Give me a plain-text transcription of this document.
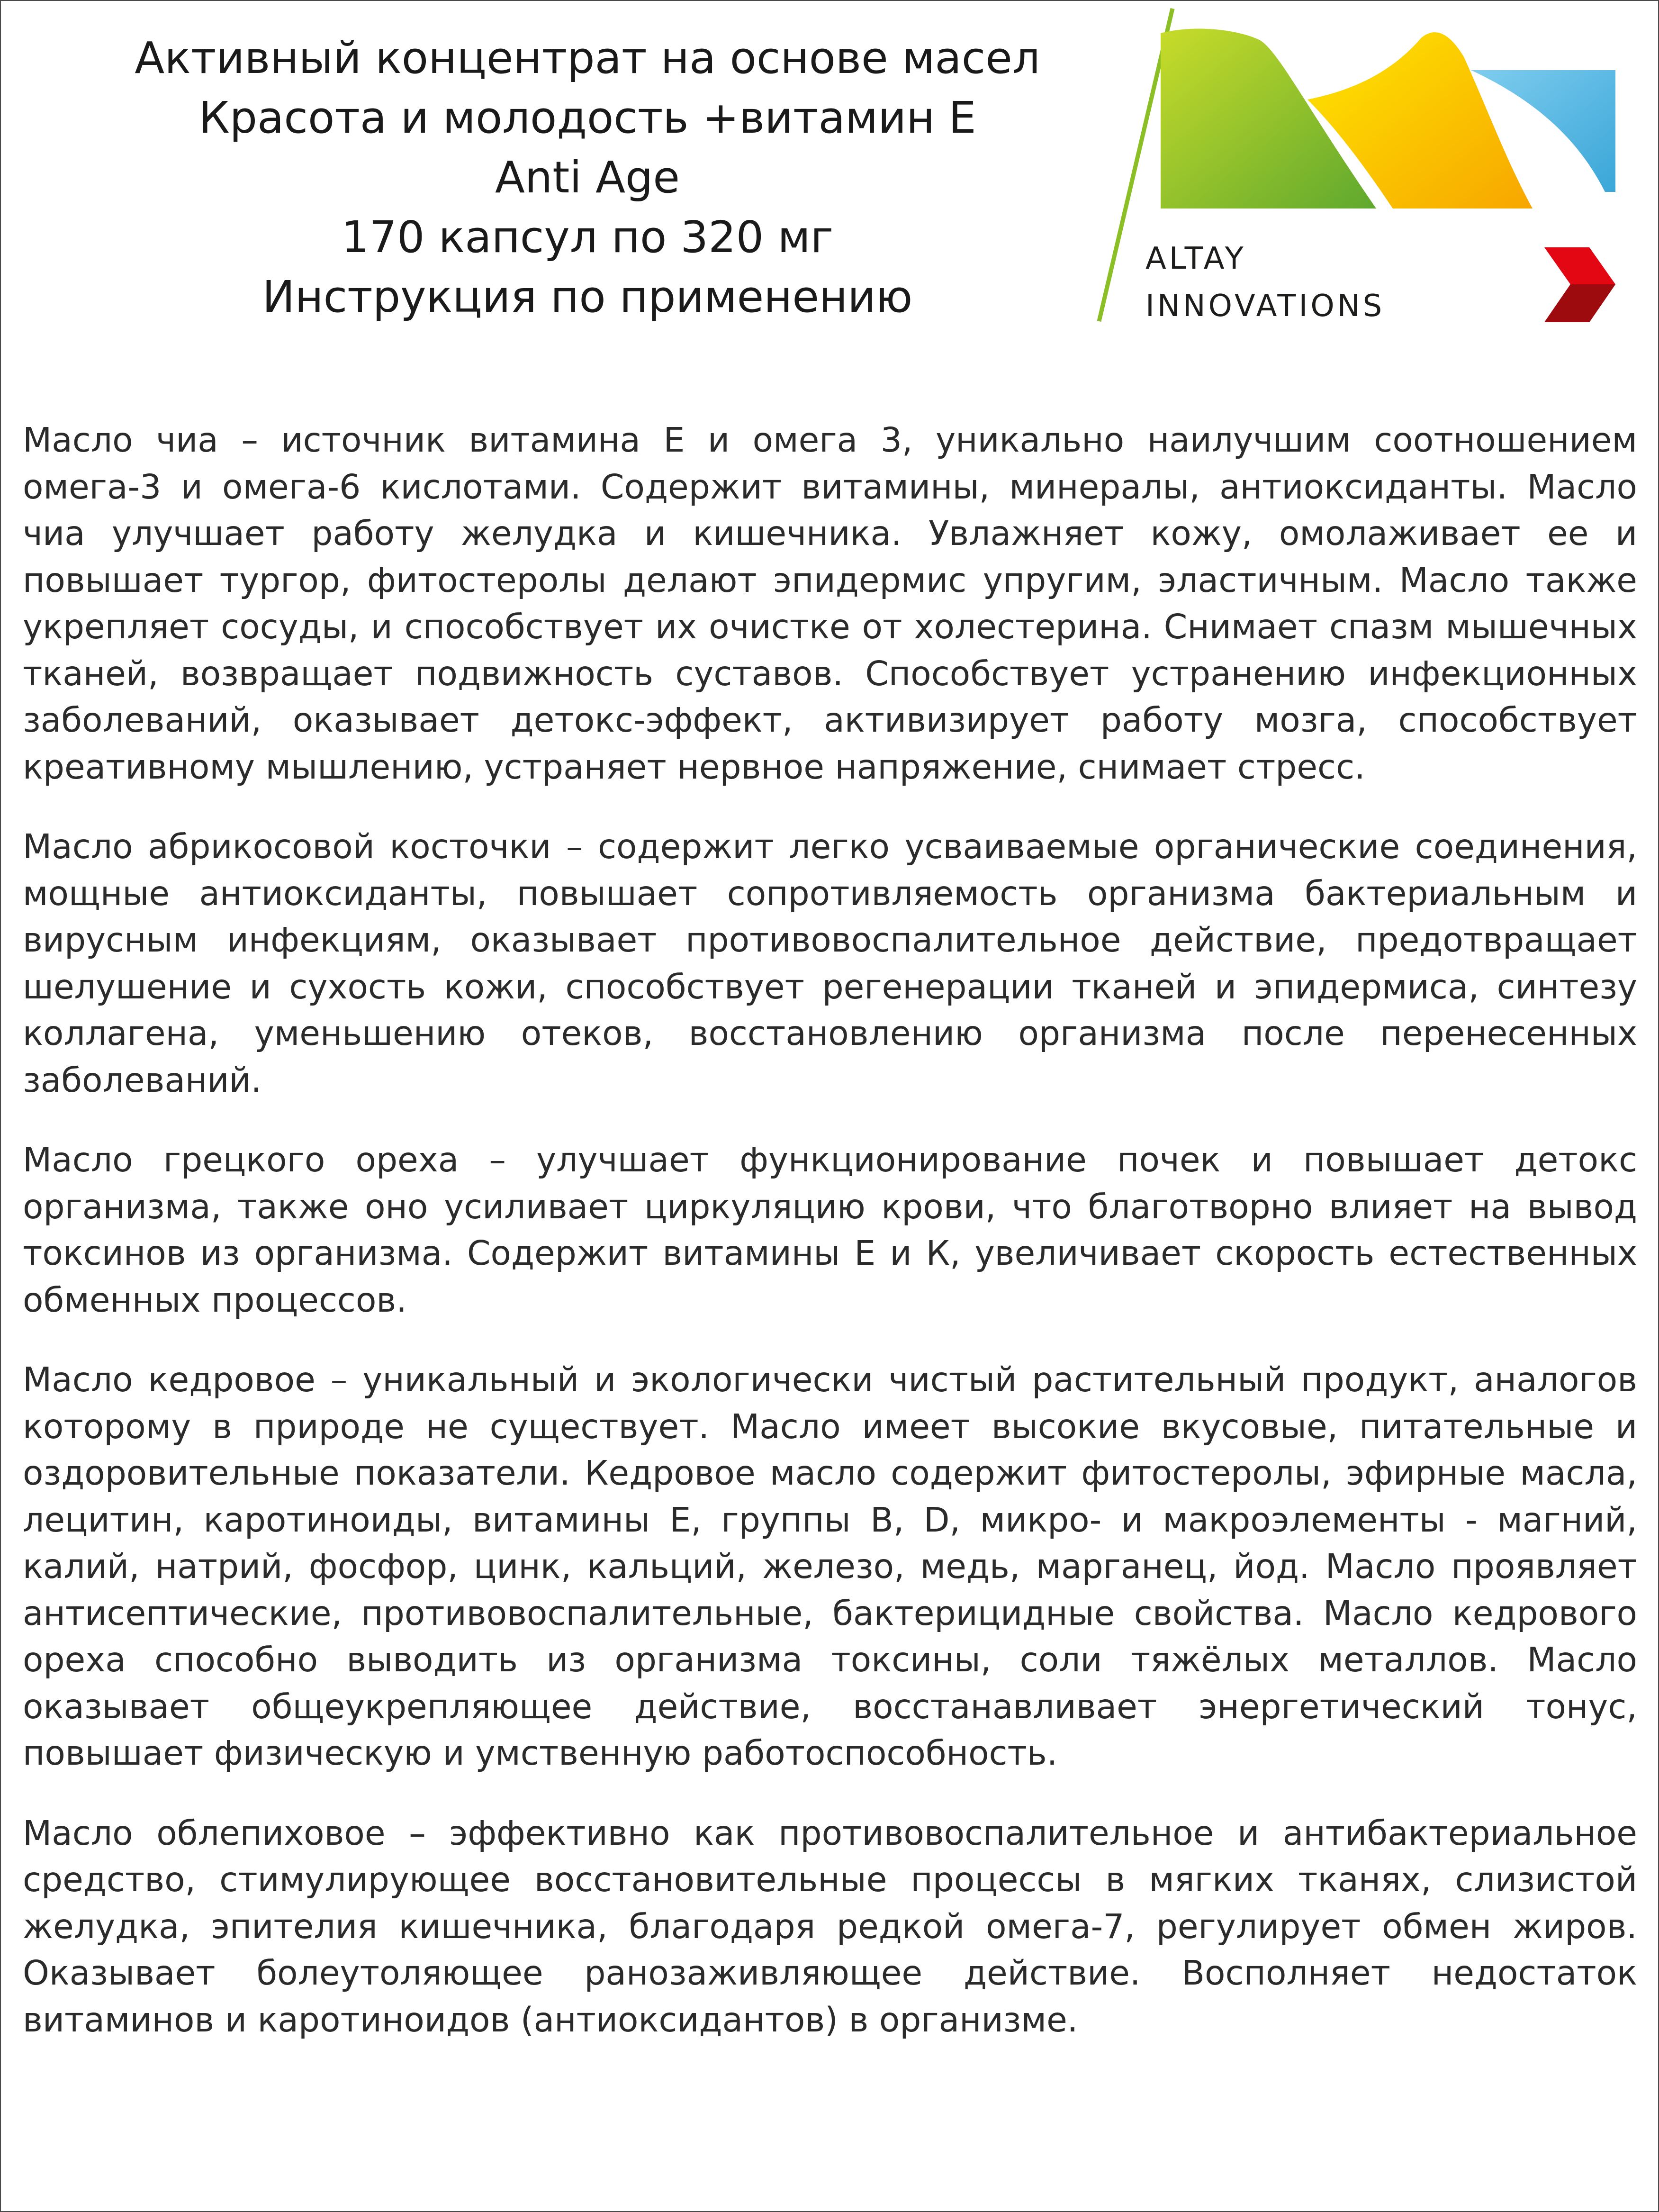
Активный концентрат на основе масел
Красота и молодость +витамин Е
Anti Age
170 капсул по 320 мг
Инструкция по применению
ALTAY
INNOVATIONS

Масло чиа – источник витамина Е и омега 3, уникально наилучшим соотношением омега-3 и омега-6 кислотами. Содержит витамины, минералы, антиоксиданты. Масло чиа улучшает работу желудка и кишечника. Увлажняет кожу, омолаживает ее и повышает тургор, фитостеролы делают эпидермис упругим, эластичным. Масло также укрепляет сосуды, и способствует их очистке от холестерина. Снимает спазм мышечных тканей, возвращает подвижность суставов. Способствует устранению инфекционных заболеваний, оказывает детокс-эффект, активизирует работу мозга, способствует креативному мышлению, устраняет нервное напряжение, снимает стресс.

Масло абрикосовой косточки – содержит легко усваиваемые органические соединения, мощные антиоксиданты, повышает сопротивляемость организма бактериальным и вирусным инфекциям, оказывает противовоспалительное действие, предотвращает шелушение и сухость кожи, способствует регенерации тканей и эпидермиса, синтезу коллагена, уменьшению отеков, восстановлению организма после перенесенных заболеваний.

Масло грецкого ореха – улучшает функционирование почек и повышает детокс организма, также оно усиливает циркуляцию крови, что благотворно влияет на вывод токсинов из организма. Содержит витамины Е и К, увеличивает скорость естественных обменных процессов.

Масло кедровое – уникальный и экологически чистый растительный продукт, аналогов которому в природе не существует. Масло имеет высокие вкусовые, питательные и оздоровительные показатели. Кедровое масло содержит фитостеролы, эфирные масла, лецитин, каротиноиды, витамины Е, группы В, D, микро- и макроэлементы - магний, калий, натрий, фосфор, цинк, кальций, железо, медь, марганец, йод. Масло проявляет антисептические, противовоспалительные, бактерицидные свойства. Масло кедрового ореха способно выводить из организма токсины, соли тяжёлых металлов. Масло оказывает общеукрепляющее действие, восстанавливает энергетический тонус, повышает физическую и умственную работоспособность.

Масло облепиховое – эффективно как противовоспалительное и антибактериальное средство, стимулирующее восстановительные процессы в мягких тканях, слизистой желудка, эпителия кишечника, благодаря редкой омега-7, регулирует обмен жиров. Оказывает болеутоляющее ранозаживляющее действие. Восполняет недостаток витаминов и каротиноидов (антиоксидантов) в организме.
